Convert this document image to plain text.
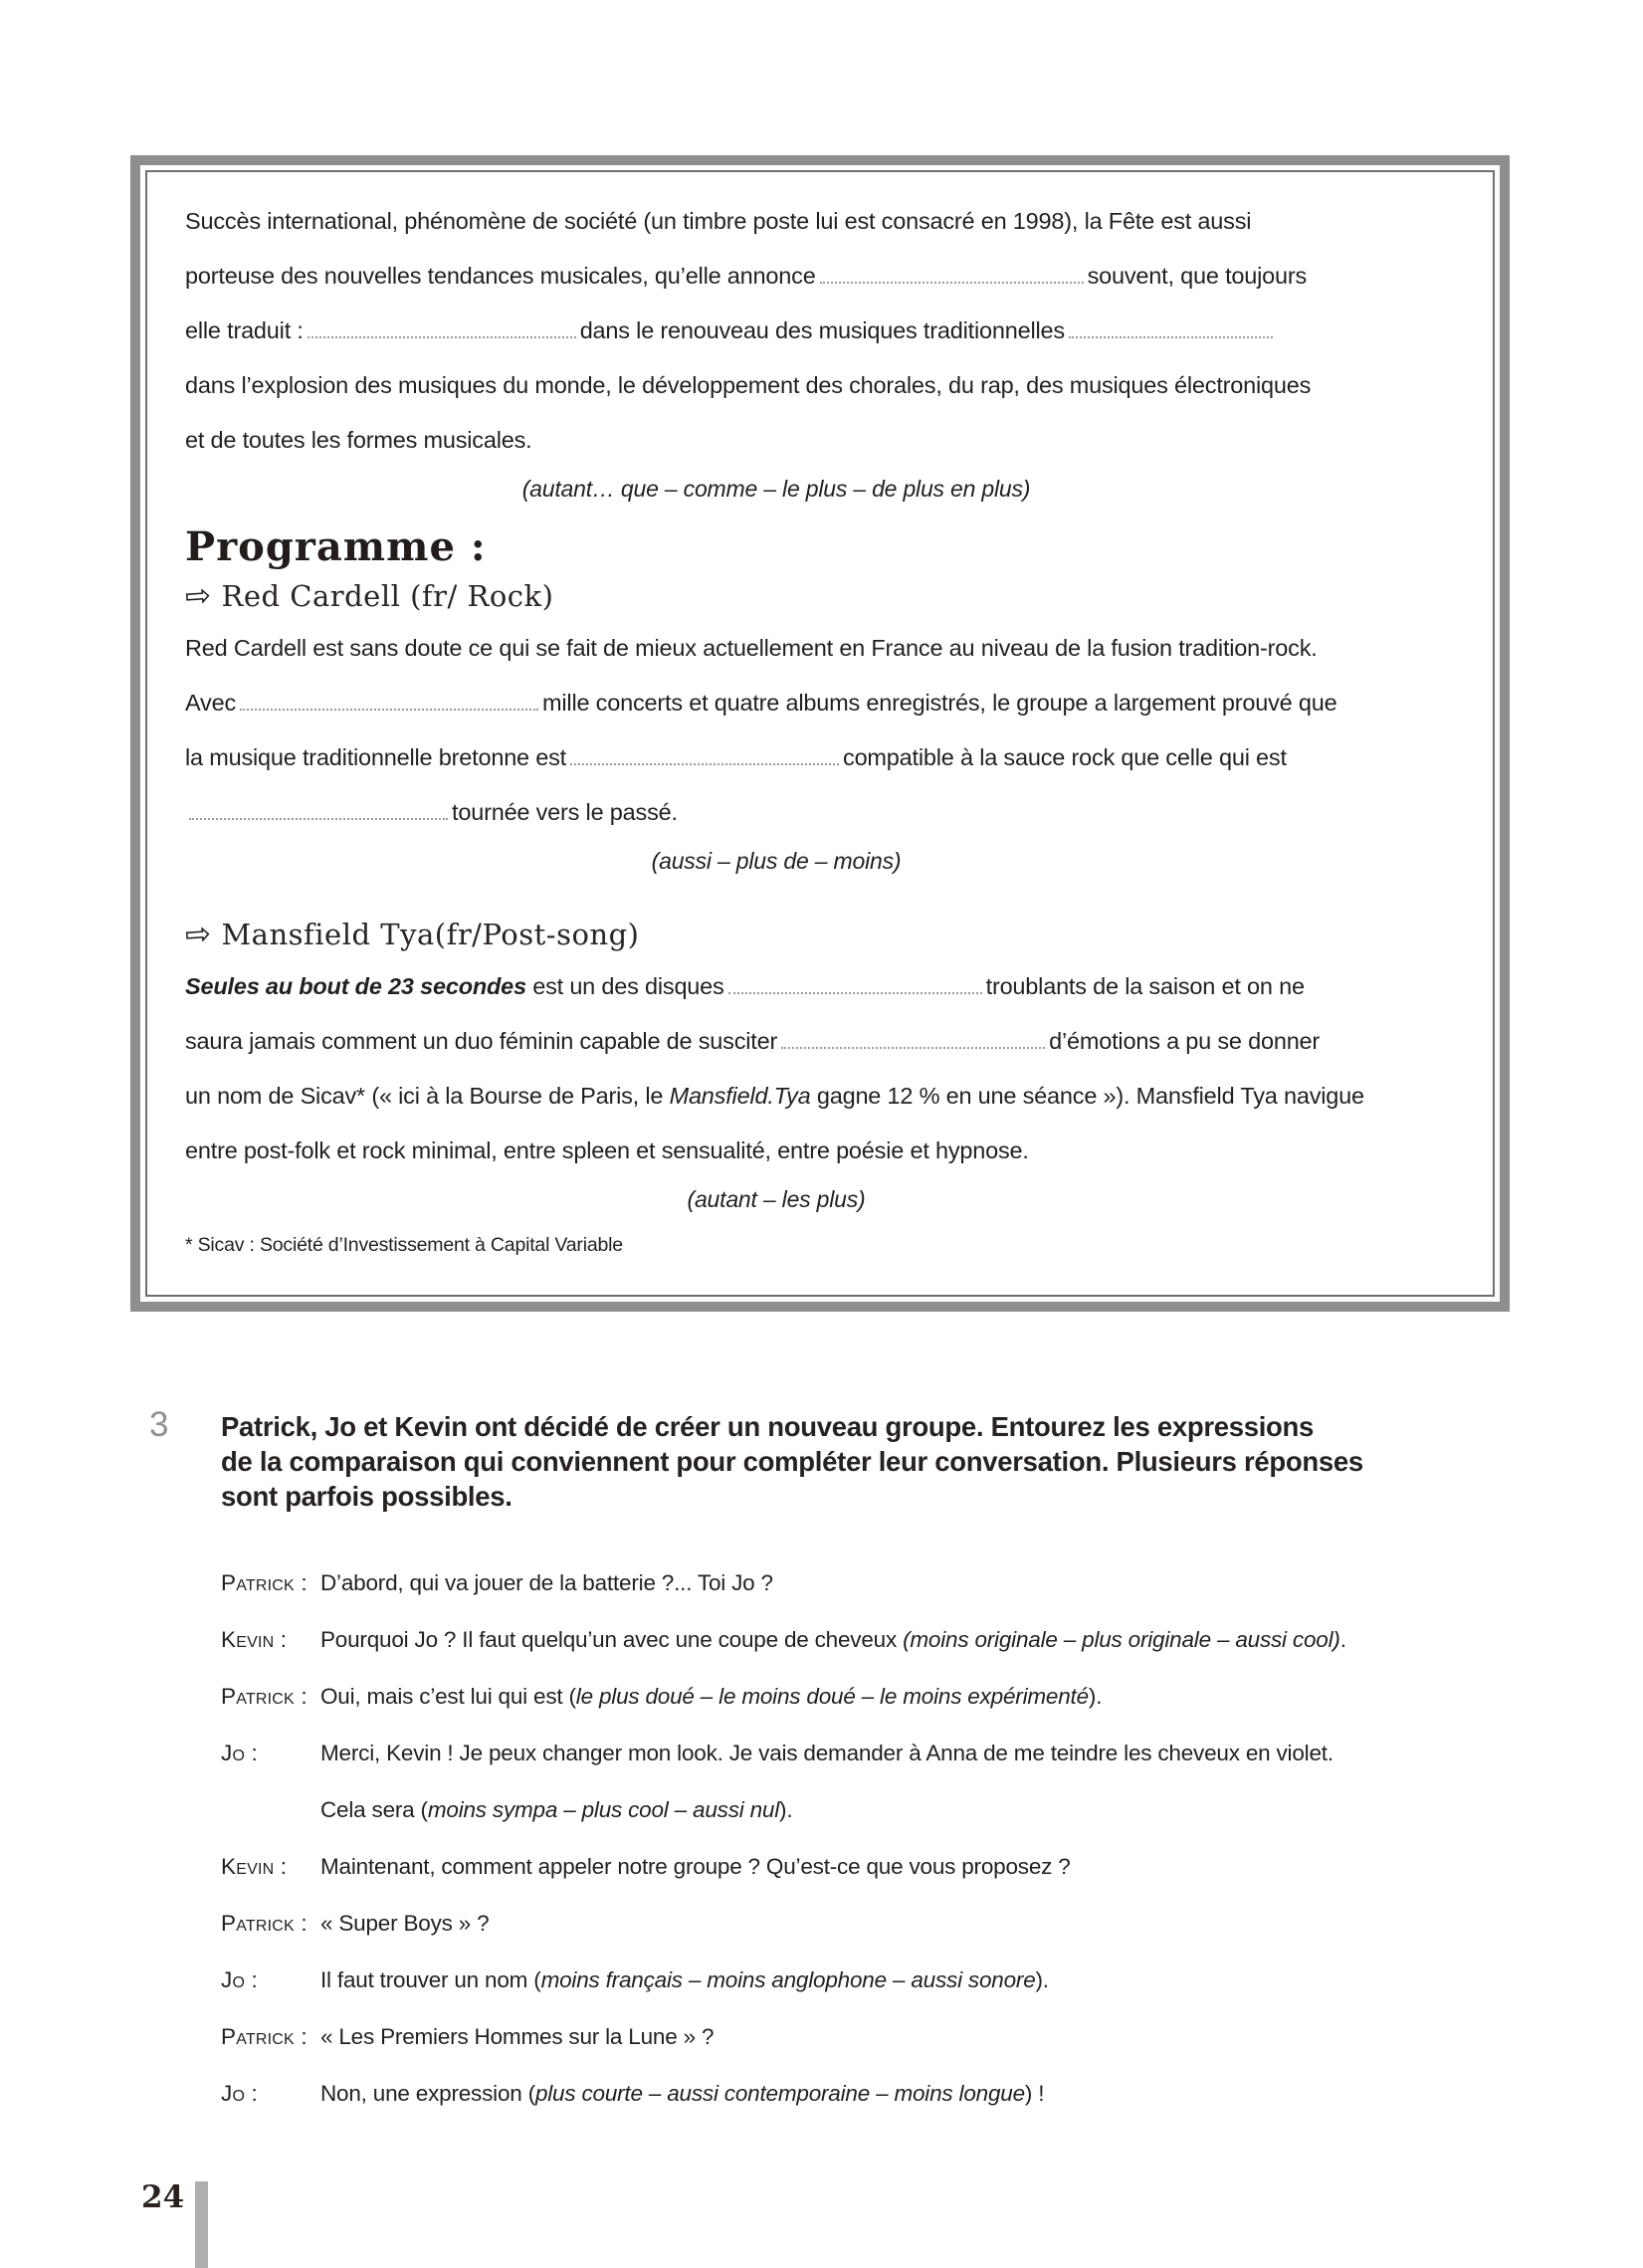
Succès international, phénomène de société (un timbre poste lui est consacré en 1998), la Fête est aussi

porteuse des nouvelles tendances musicales, qu’elle annonce	souvent, que toujours

elle traduit :	dans le renouveau des musiques traditionnelles

dans l’explosion des musiques du monde, le développement des chorales, du rap, des musiques électroniques

et de toutes les formes musicales.

(autant… que – comme – le plus – de plus en plus)
Programme :
⇨ Red Cardell (fr/ Rock)

Red Cardell est sans doute ce qui se fait de mieux actuellement en France au niveau de la fusion tradition-rock.

Avec	mille concerts et quatre albums enregistrés, le groupe a largement prouvé que

la musique traditionnelle bretonne est	compatible à la sauce rock que celle qui est

tournée vers le passé.

(aussi – plus de – moins)
⇨ Mansfield Tya(fr/Post-song)

Seules au bout de 23 secondes est un des disques	troublants de la saison et on ne

saura jamais comment un duo féminin capable de susciter	d’émotions a pu se donner

un nom de Sicav* (« ici à la Bourse de Paris, le Mansfield.Tya gagne 12 % en une séance »). Mansfield Tya navigue

entre post-folk et rock minimal, entre spleen et sensualité, entre poésie et hypnose.

(autant – les plus)
* Sicav : Société d’Investissement à Capital Variable
3 Patrick, Jo et Kevin ont décidé de créer un nouveau groupe. Entourez les expressions
de la comparaison qui conviennent pour compléter leur conversation. Plusieurs réponses
sont parfois possibles.
Patrick : D’abord, qui va jouer de la batterie ?... Toi Jo ?
Kevin :	Pourquoi Jo ? Il faut quelqu’un avec une coupe de cheveux (moins originale – plus originale – aussi cool).
Patrick : Oui, mais c’est lui qui est (le plus doué – le moins doué – le moins expérimenté).
Jo :	Merci, Kevin ! Je peux changer mon look. Je vais demander à Anna de me teindre les cheveux en violet.
Cela sera (moins sympa – plus cool – aussi nul).
Kevin :	Maintenant, comment appeler notre groupe ? Qu’est-ce que vous proposez ?
Patrick : « Super Boys » ?
Jo :	Il faut trouver un nom (moins français – moins anglophone – aussi sonore).
Patrick : « Les Premiers Hommes sur la Lune » ?
Jo :	Non, une expression (plus courte – aussi contemporaine – moins longue) !
24
